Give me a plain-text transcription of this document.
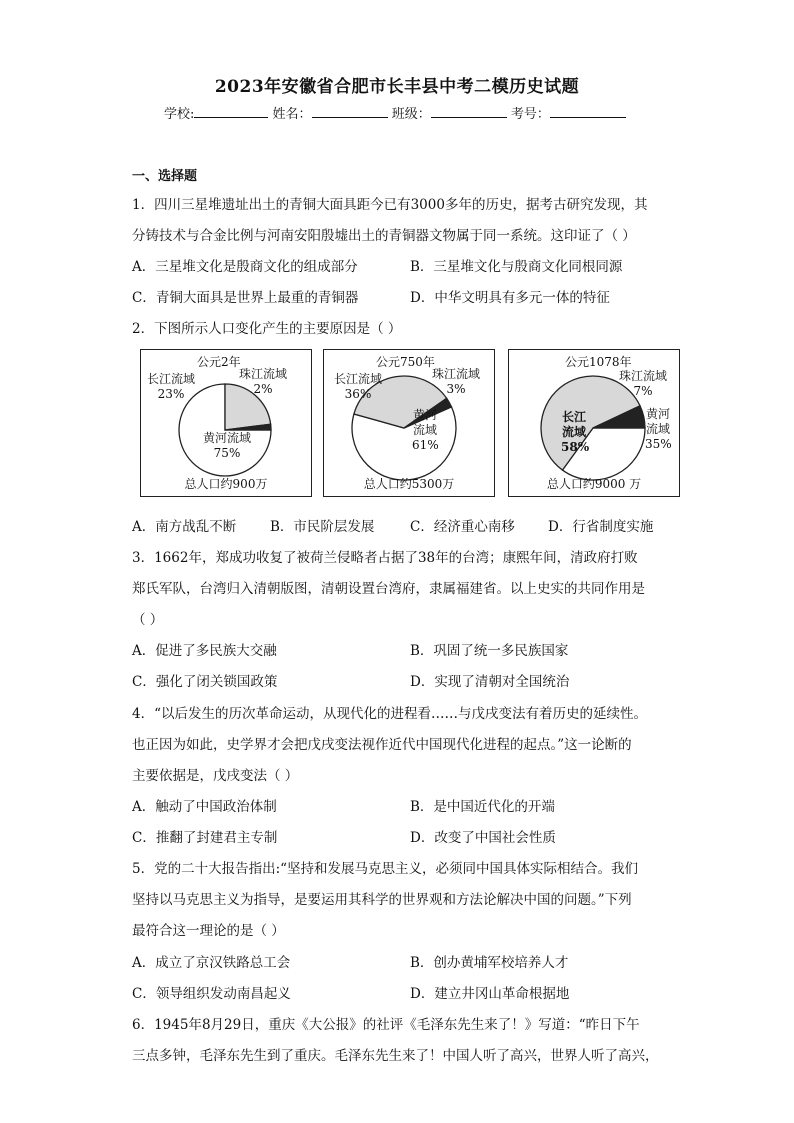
2023年安徽省合肥市长丰县中考二模历史试题
学校:	姓名：	班级：	考号：
一、选择题
1．四川三星堆遗址出土的青铜大面具距今已有3000多年的历史，据考古研究发现，其
分铸技术与合金比例与河南安阳殷墟出土的青铜器文物属于同一系统。这印证了（ ）
A．三星堆文化是殷商文化的组成部分	B．三星堆文化与殷商文化同根同源
C．青铜大面具是世界上最重的青铜器	D．中华文明具有多元一体的特征
2．下图所示人口变化产生的主要原因是（ ）
公元2年
长江流域
23%
珠江流域
2%
黄河流域
75%
总人口约900万
公元750年
长江流域
36%
珠江流域
3%
黄河流域
61%
总人口约5300万
公元1078年
珠江流域
7%
长江流域
58%
黄河流域
35%
总人口约9000 万
A．南方战乱不断	B．市民阶层发展	C．经济重心南移 D．行省制度实施
3．1662年，郑成功收复了被荷兰侵略者占据了38年的台湾；康熙年间，清政府打败
郑氏军队，台湾归入清朝版图，清朝设置台湾府，隶属福建省。以上史实的共同作用是
（ ）
A．促进了多民族大交融	B．巩固了统一多民族国家
C．强化了闭关锁国政策	D．实现了清朝对全国统治
4．“以后发生的历次革命运动，从现代化的进程看……与戊戌变法有着历史的延续性。
也正因为如此，史学界才会把戊戌变法视作近代中国现代化进程的起点。”这一论断的
主要依据是，戊戌变法（ ）
A．触动了中国政治体制	B．是中国近代化的开端
C．推翻了封建君主专制	D．改变了中国社会性质
5．党的二十大报告指出:“坚持和发展马克思主义，必须同中国具体实际相结合。我们
坚持以马克思主义为指导，是要运用其科学的世界观和方法论解决中国的问题。”下列
最符合这一理论的是（ ）
A．成立了京汉铁路总工会	B．创办黄埔军校培养人才
C．领导组织发动南昌起义	D．建立井冈山革命根据地
6．1945年8月29日，重庆《大公报》的社评《毛泽东先生来了！》写道：“昨日下午
三点多钟，毛泽东先生到了重庆。毛泽东先生来了！中国人听了高兴，世界人听了高兴，
